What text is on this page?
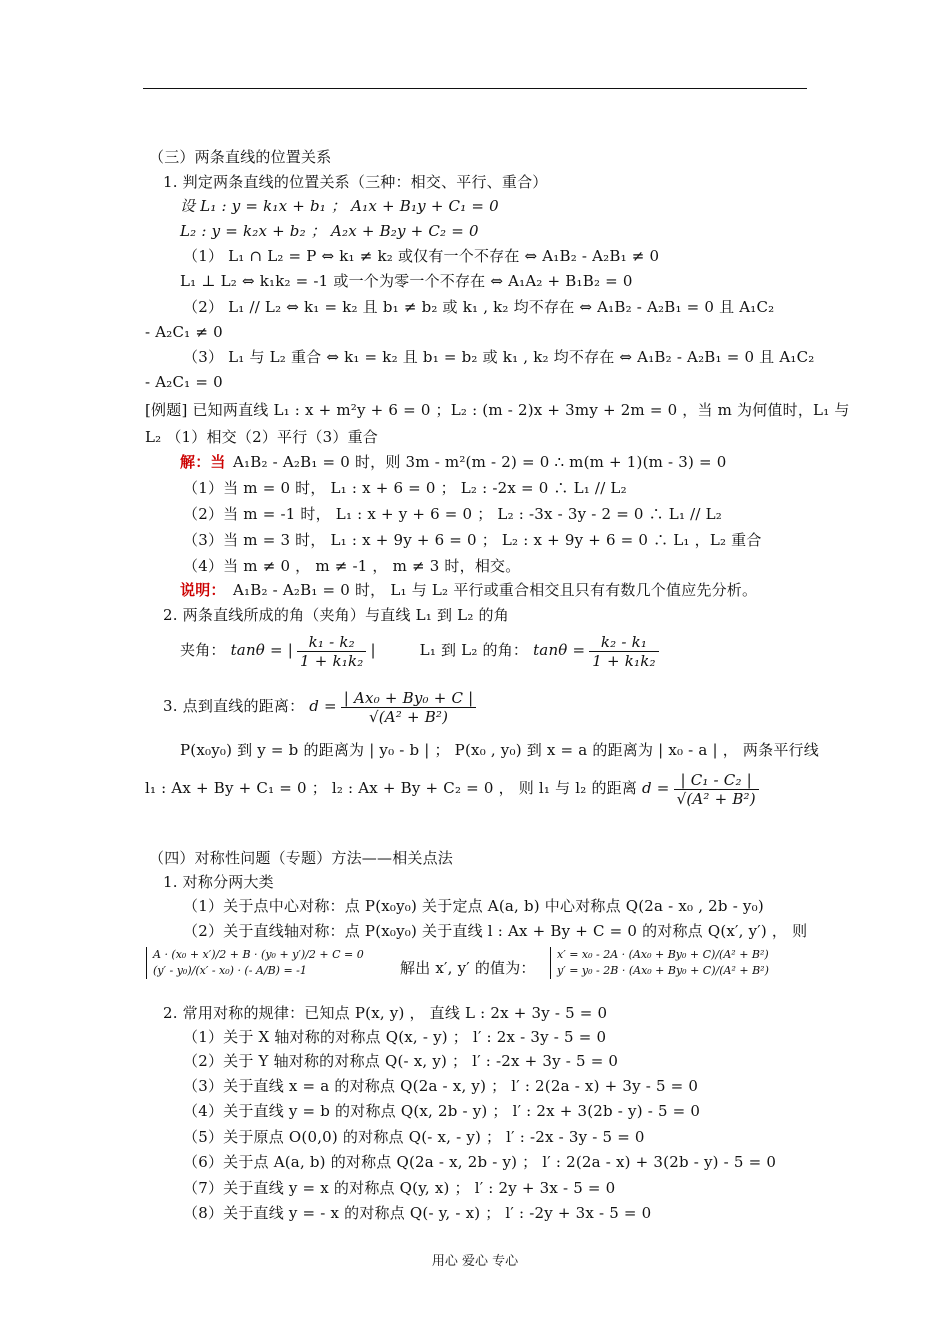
（三）两条直线的位置关系
1. 判定两条直线的位置关系（三种：相交、平行、重合）
设 L₁ : y = k₁x + b₁ ； A₁x + B₁y + C₁ = 0
L₂ : y = k₂x + b₂ ； A₂x + B₂y + C₂ = 0
（1） L₁ ∩ L₂ = P ⇔ k₁ ≠ k₂ 或仅有一个不存在 ⇔ A₁B₂ - A₂B₁ ≠ 0
L₁ ⊥ L₂ ⇔ k₁k₂ = -1 或一个为零一个不存在 ⇔ A₁A₂ + B₁B₂ = 0
（2） L₁ // L₂ ⇔ k₁ = k₂ 且 b₁ ≠ b₂ 或 k₁ , k₂ 均不存在 ⇔ A₁B₂ - A₂B₁ = 0 且 A₁C₂
- A₂C₁ ≠ 0
（3） L₁ 与 L₂ 重合 ⇔ k₁ = k₂ 且 b₁ = b₂ 或 k₁ , k₂ 均不存在 ⇔ A₁B₂ - A₂B₁ = 0 且 A₁C₂
- A₂C₁ = 0
[例题] 已知两直线 L₁ : x + m²y + 6 = 0 ；L₂ : (m - 2)x + 3my + 2m = 0 ，当 m 为何值时，L₁ 与
L₂ （1）相交（2）平行（3）重合
A₁B₂ - A₂B₁ = 0 时，则 3m - m²(m - 2) = 0 ∴ m(m + 1)(m - 3) = 0
（1）当 m = 0 时， L₁ : x + 6 = 0 ； L₂ : -2x = 0 ∴ L₁ // L₂
（2）当 m = -1 时， L₁ : x + y + 6 = 0 ； L₂ : -3x - 3y - 2 = 0 ∴ L₁ // L₂
（3）当 m = 3 时， L₁ : x + 9y + 6 = 0 ； L₂ : x + 9y + 6 = 0 ∴ L₁ ，L₂ 重合
（4）当 m ≠ 0 ， m ≠ -1 ， m ≠ 3 时，相交。
A₁B₂ - A₂B₁ = 0 时， L₁ 与 L₂ 平行或重合相交且只有有数几个值应先分析。
2. 两条直线所成的角（夹角）与直线 L₁ 到 L₂ 的角
P(x₀y₀) 到 y = b 的距离为 | y₀ - b | ； P(x₀ , y₀) 到 x = a 的距离为 | x₀ - a | ， 两条平行线
（四）对称性问题（专题）方法——相关点法
1. 对称分两大类
（1）关于点中心对称：点 P(x₀y₀) 关于定点 A(a, b) 中心对称点 Q(2a - x₀ , 2b - y₀)
（2）关于直线轴对称：点 P(x₀y₀) 关于直线 l : Ax + By + C = 0 的对称点 Q(x′, y′) ， 则
2. 常用对称的规律：已知点 P(x, y) ， 直线 L : 2x + 3y - 5 = 0
（1）关于 X 轴对称的对称点 Q(x, - y) ； l′ : 2x - 3y - 5 = 0
（2）关于 Y 轴对称的对称点 Q(- x, y) ； l′ : -2x + 3y - 5 = 0
（3）关于直线 x = a 的对称点 Q(2a - x, y) ； l′ : 2(2a - x) + 3y - 5 = 0
（4）关于直线 y = b 的对称点 Q(x, 2b - y) ； l′ : 2x + 3(2b - y) - 5 = 0
（5）关于原点 O(0,0) 的对称点 Q(- x, - y) ； l′ : -2x - 3y - 5 = 0
（6）关于点 A(a, b) 的对称点 Q(2a - x, 2b - y) ； l′ : 2(2a - x) + 3(2b - y) - 5 = 0
（7）关于直线 y = x 的对称点 Q(y, x) ； l′ : 2y + 3x - 5 = 0
（8）关于直线 y = - x 的对称点 Q(- y, - x) ； l′ : -2y + 3x - 5 = 0
解：当
说明：
夹角： tanθ = | $\frac{\text{k₁ - k₂}}{\text{1 + k₁k₂}}$ |	L₁ 到 L₂ 的角： $\tan\theta = \frac{\text{k₂ - k₁}}{\text{1 + k₁k₂}}$
3. 点到直线的距离： $d = \frac{\text{| Ax₀ + By₀ + C |}}{\text{√(A² + B²)}}$
l₁ : Ax + By + C₁ = 0 ； l₂ : Ax + By + C₂ = 0 ， 则 l₁ 与 l₂ 的距离 $d = \frac{\text{| C₁ - C₂ |}}{\text{√(A² + B²)}}$
A · (x₀ + x′)/2 + B · (y₀ + y′)/2 + C = 0
(y′ - y₀)/(x′ - x₀) · (- A/B) = -1	解出 x′, y′ 的值为：
x′ = x₀ - 2A · (Ax₀ + By₀ + C)/(A² + B²)
y′ = y₀ - 2B · (Ax₀ + By₀ + C)/(A² + B²)
用心 爱心 专心
